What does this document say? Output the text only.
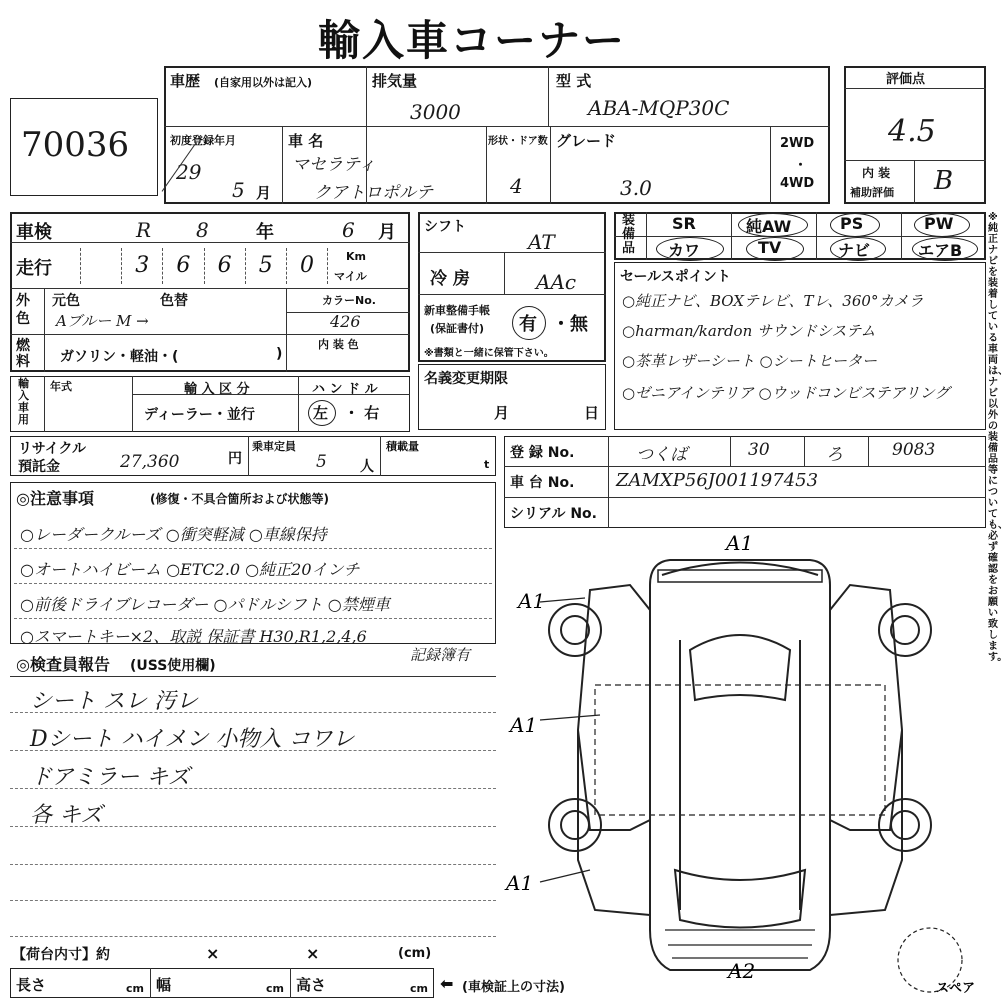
輸入車コーナー
70036
車歴 (自家用以外は記入)	排気量
3000
型 式
ABA-MQP30C
初度登録年月
29
5 月
車 名
マセラティ
クアトロポルテ
形状・ドア数
4
グレード
3.0
2WD
・
4WD
評価点
4.5
内 装
補助評価 B
車検	R 8	年	6 月
走行	3	6	6	5	0	Km
マイル
外色
元色	色替
Aブルー M →
カラーNo.
426
燃料 ガソリン・軽油・(	)
内 装 色
シフト
AT
冷 房	AAc
新車整備手帳
(保証書付) 有 ・無
※書類と一緒に保管下さい。
装備品
SR	純AW	PS	PW
カワ	TV	ナビ	エアB
セールスポイント
○純正ナビ、BOXテレビ、Tレ、360°カメラ
○harman/kardon サウンドシステム
○茶革レザーシート ○シートヒーター
○ゼニアインテリア ○ウッドコンビステアリング
輸入車用
年式	輸 入 区 分
ディーラー・並行
ハ ン ド ル
左 ・ 右
名義変更期限
月	日
リサイクル
預託金	27,360	円
乗車定員
5 人
積載量
t
登 録 No.	つくば	30	ろ	9083
車 台 No. ZAMXP56J001197453
シリアル No.
◎注意事項	(修復・不具合箇所および状態等)
○レーダークルーズ ○衝突軽減 ○車線保持
○オートハイビーム ○ETC2.0 ○純正20インチ
○前後ドライブレコーダー ○パドルシフト ○禁煙車
○スマートキー×2、取説 保証書 H30,R1,2,4,6
記録簿有
◎検査員報告 (USS使用欄)
シート スレ 汚レ
Dシート ハイメン 小物入 コワレ
ドアミラー キズ
各 キズ
【荷台内寸】約	×	×	(cm)
長さ	cm 幅	cm 高さ	cm ⬅ (車検証上の寸法)
A1
A1
A1
A1
A2
スペア
※純正ナビを装着している車両は、ナビ以外の装備品等についても、必ず確認をお願い致します。
